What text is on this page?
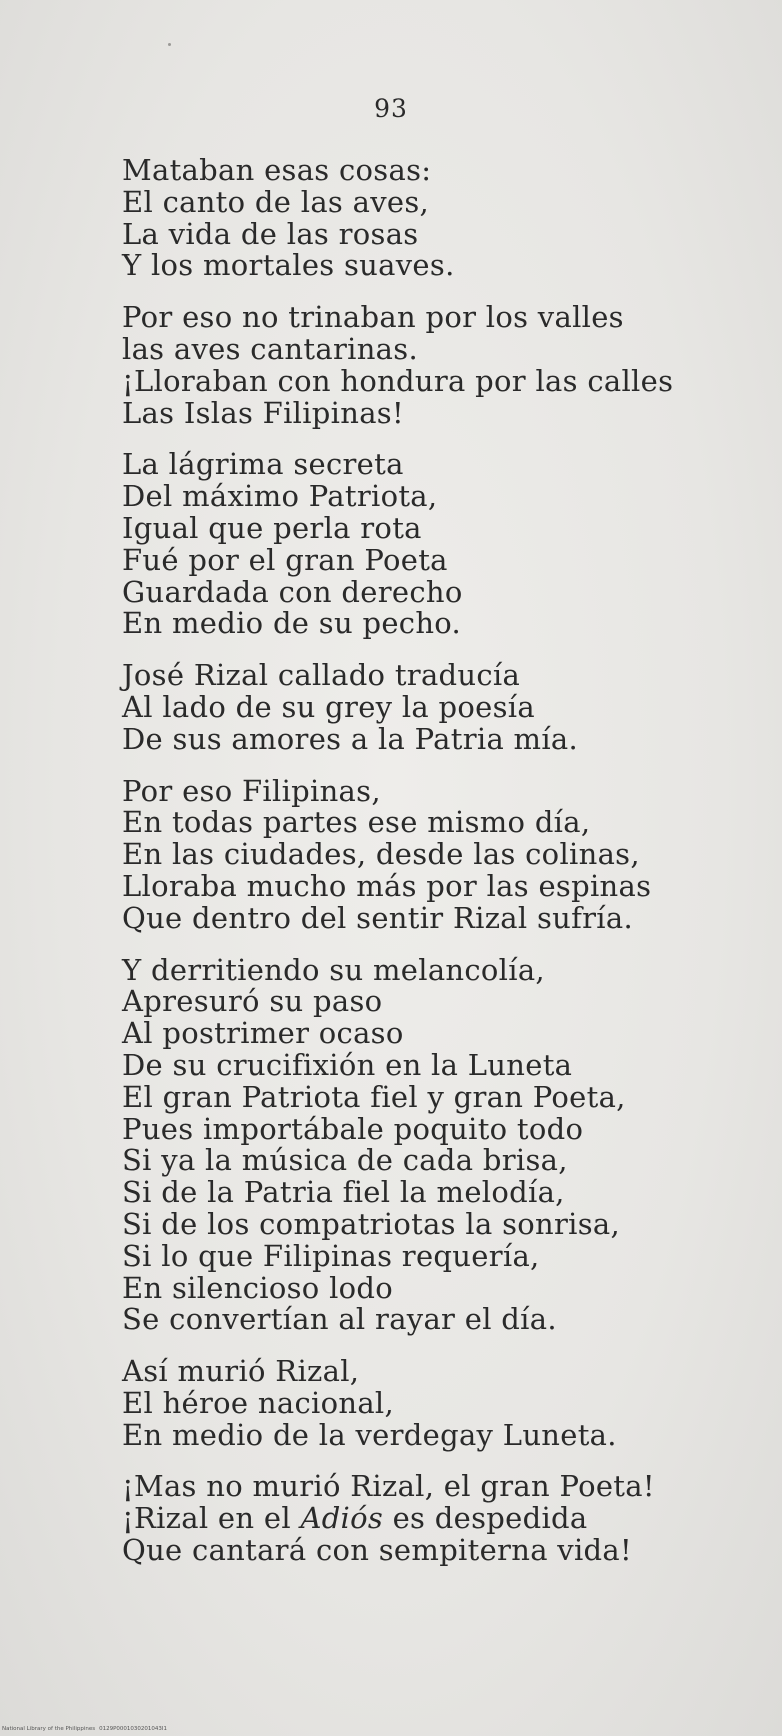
93
Mataban esas cosas:
El canto de las aves,
La vida de las rosas
Y los mortales suaves.
Por eso no trinaban por los valles
las aves cantarinas.
¡Lloraban con hondura por las calles
Las Islas Filipinas!
La lágrima secreta
Del máximo Patriota,
Igual que perla rota
Fué por el gran Poeta
Guardada con derecho
En medio de su pecho.
José Rizal callado traducía
Al lado de su grey la poesía
De sus amores a la Patria mía.
Por eso Filipinas,
En todas partes ese mismo día,
En las ciudades, desde las colinas,
Lloraba mucho más por las espinas
Que dentro del sentir Rizal sufría.
Y derritiendo su melancolía,
Apresuró su paso
Al postrimer ocaso
De su crucifixión en la Luneta
El gran Patriota fiel y gran Poeta,
Pues importábale poquito todo
Si ya la música de cada brisa,
Si de la Patria fiel la melodía,
Si de los compatriotas la sonrisa,
Si lo que Filipinas requería,
En silencioso lodo
Se convertían al rayar el día.
Así murió Rizal,
El héroe nacional,
En medio de la verdegay Luneta.
¡Mas no murió Rizal, el gran Poeta!
¡Rizal en el Adiós es despedida
Que cantará con sempiterna vida!
National Library of the Philippines 0129P0001030201043I1
